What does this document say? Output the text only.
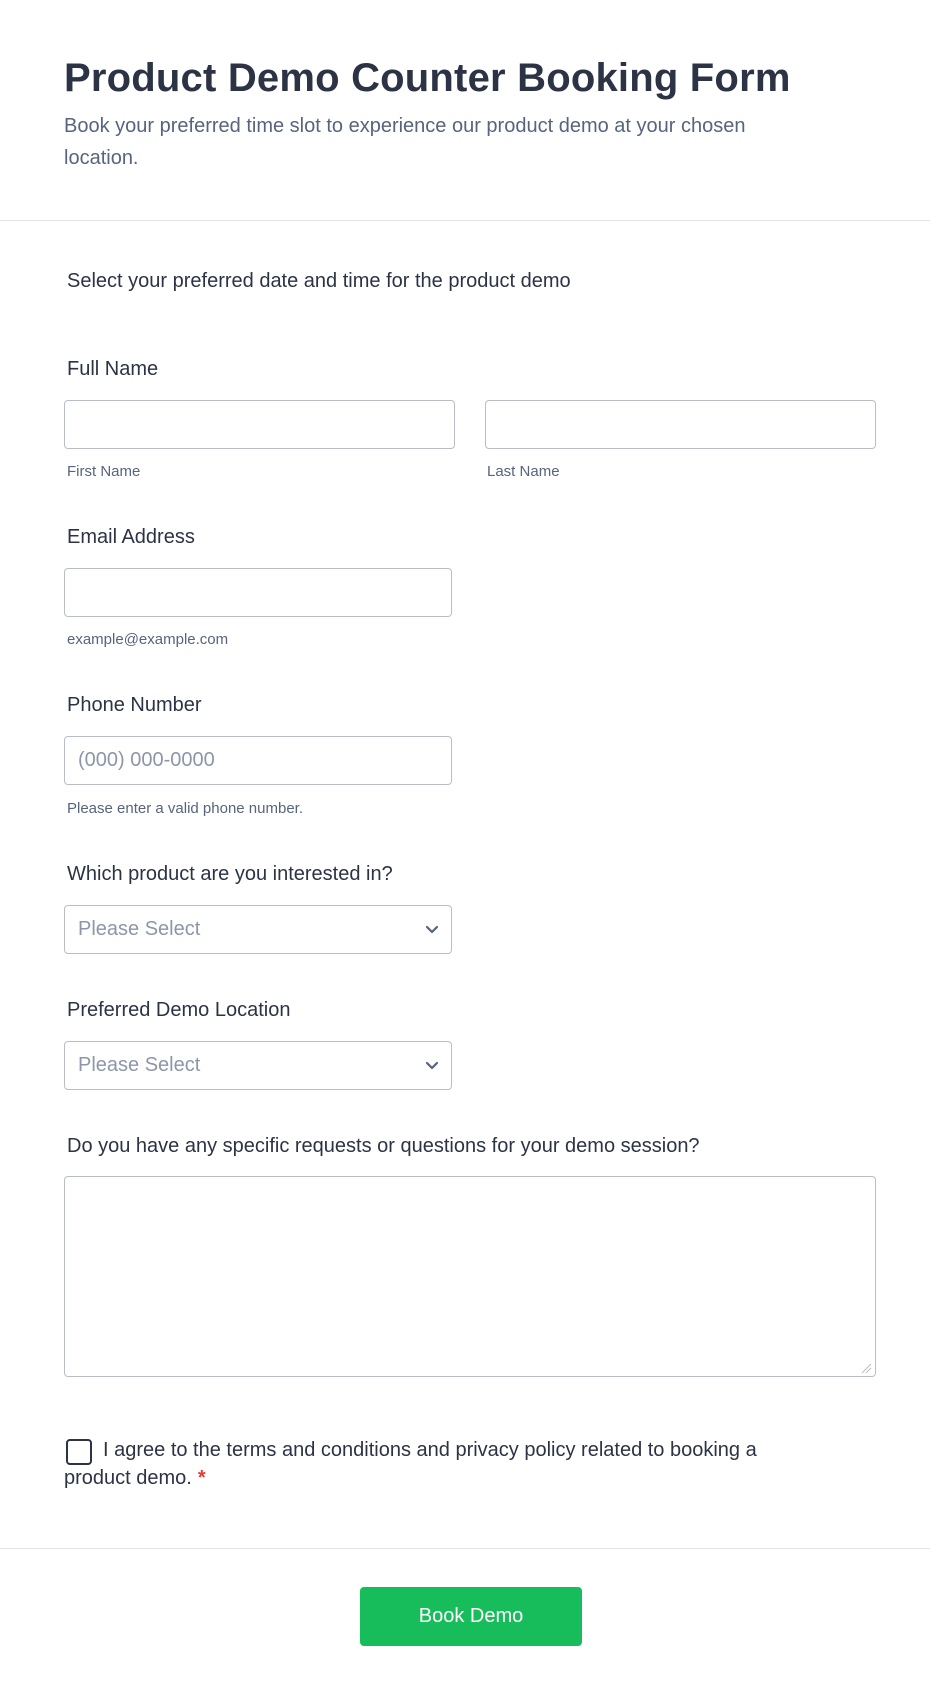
Product Demo Counter Booking Form

Book your preferred time slot to experience our product demo at your chosen location.

Select your preferred date and time for the product demo

Full Name
First Name	Last Name
Email Address
example@example.com
Phone Number
(000) 000-0000
Please enter a valid phone number.
Which product are you interested in?
Please Select
Preferred Demo Location
Please Select
Do you have any specific requests or questions for your demo session?

I agree to the terms and conditions and privacy policy related to booking a product demo. *

Book Demo
